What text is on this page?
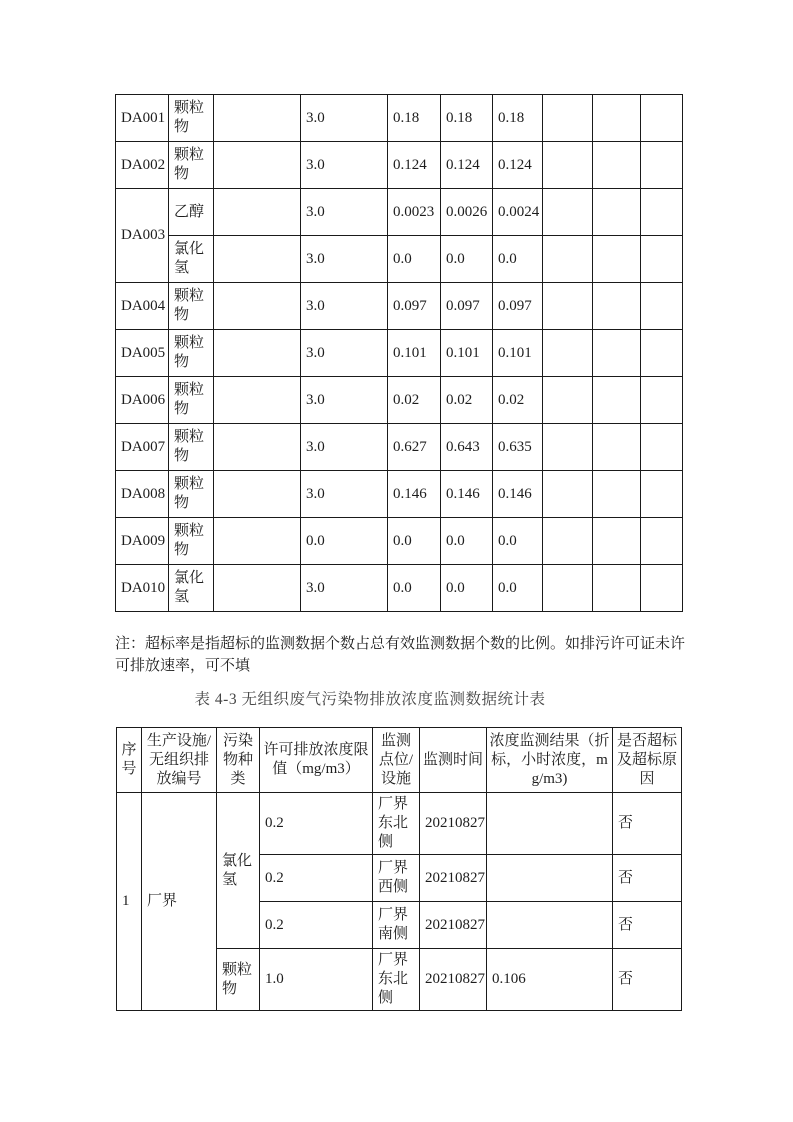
DA001	颗粒物		3.0	0.18	0.18	0.18			
DA002	颗粒物		3.0	0.124	0.124	0.124			
DA003	乙醇		3.0	0.0023	0.0026	0.0024			
	氯化氢		3.0	0.0	0.0	0.0			
DA004	颗粒物		3.0	0.097	0.097	0.097			
DA005	颗粒物		3.0	0.101	0.101	0.101			
DA006	颗粒物		3.0	0.02	0.02	0.02			
DA007	颗粒物		3.0	0.627	0.643	0.635			
DA008	颗粒物		3.0	0.146	0.146	0.146			
DA009	颗粒物		0.0	0.0	0.0	0.0			
DA010	氯化氢		3.0	0.0	0.0	0.0			

注：超标率是指超标的监测数据个数占总有效监测数据个数的比例。如排污许可证未许可排放速率，可不填

表 4-3 无组织废气污染物排放浓度监测数据统计表
序号	生产设施/无组织排放编号	污染物种类	许可排放浓度限值（mg/m3）	监测点位/设施	监测时间	浓度监测结果（折标，小时浓度，mg/m3)	是否超标及超标原因
1	厂界	氯化氢	0.2	厂界东北侧	20210827		否
			0.2	厂界西侧	20210827		否
			0.2	厂界南侧	20210827		否
		颗粒物	1.0	厂界东北侧	20210827	0.106	否
